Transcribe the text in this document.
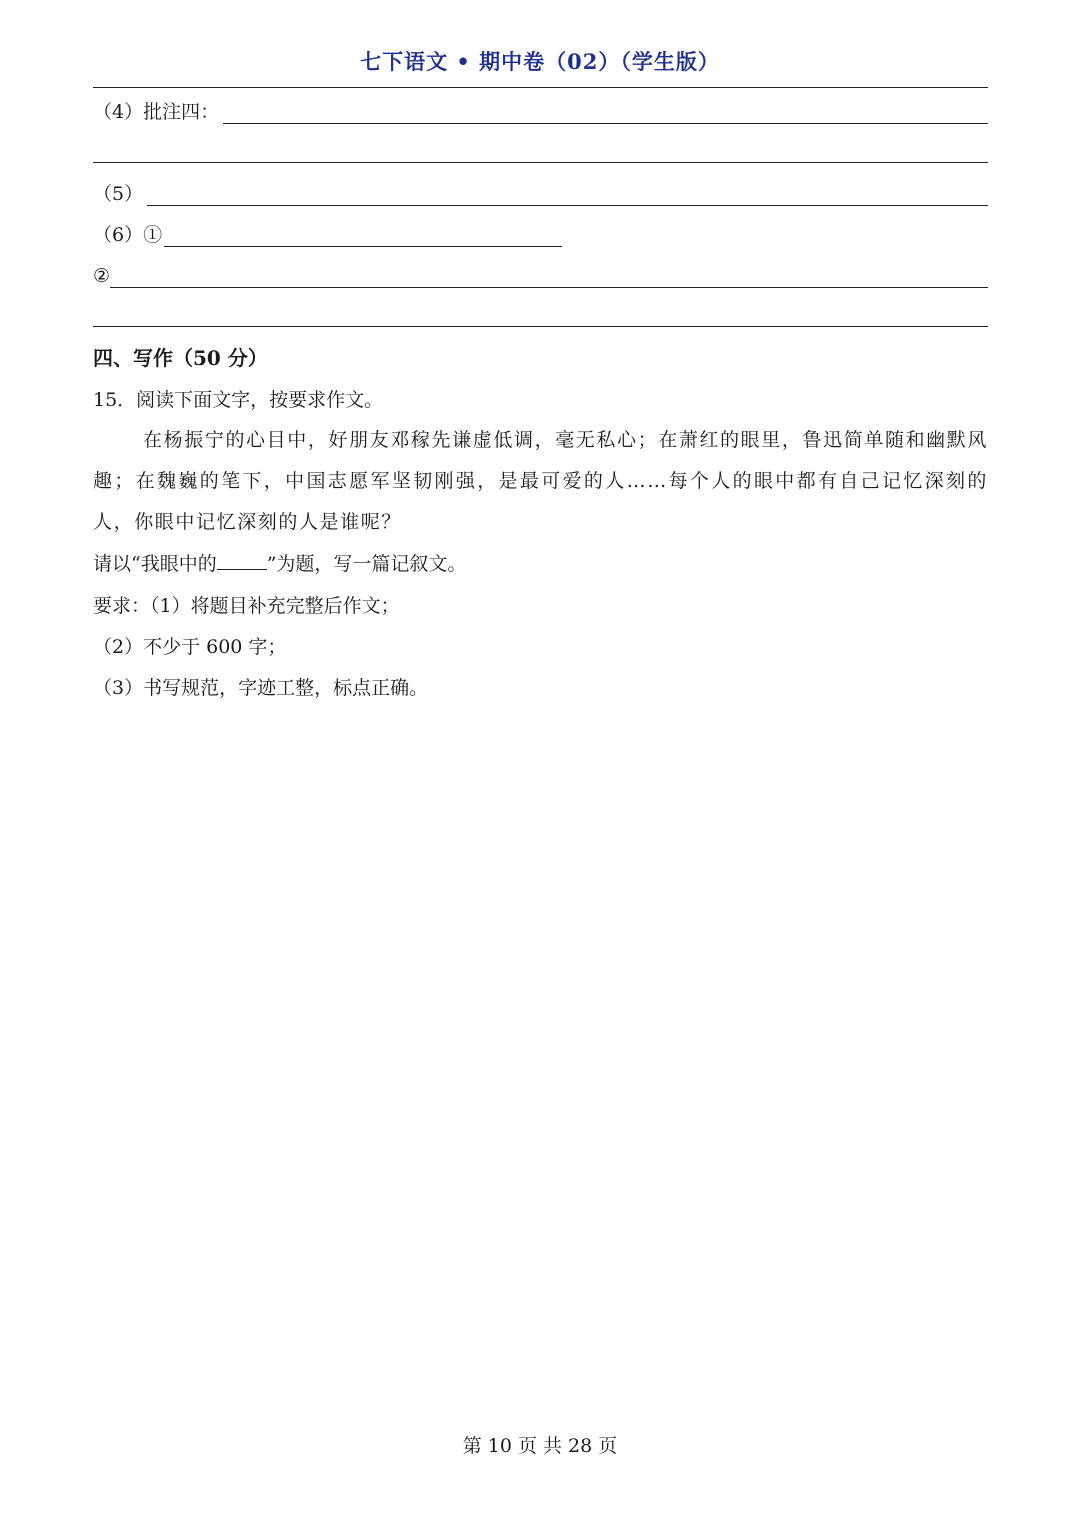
七下语文 • 期中卷（02）（学生版）
（4）批注四：
（5）
（6）①
②
四、写作（50 分）
15．阅读下面文字，按要求作文。
在杨振宁的心目中，好朋友邓稼先谦虚低调，毫无私心；在萧红的眼里，鲁迅简单随和幽默风趣；在魏巍的笔下，中国志愿军坚韧刚强，是最可爱的人……每个人的眼中都有自己记忆深刻的人，你眼中记忆深刻的人是谁呢？
请以“我眼中的	”为题，写一篇记叙文。
要求：（1）将题目补充完整后作文；
（2）不少于 600 字；
（3）书写规范，字迹工整，标点正确。
第 10 页 共 28 页
